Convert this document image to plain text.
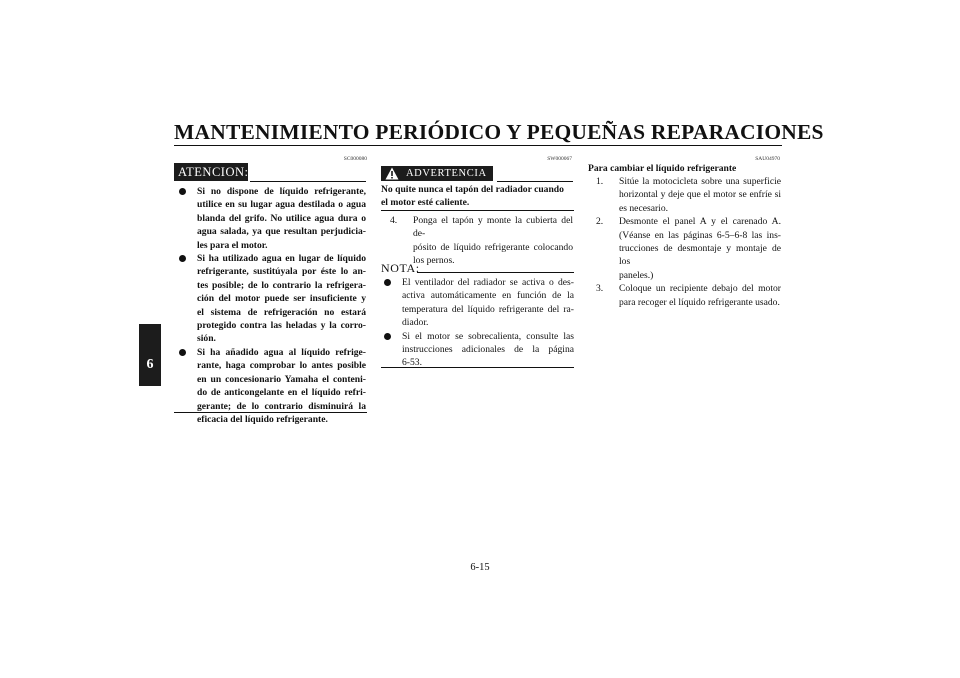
MANTENIMIENTO PERIÓDICO Y PEQUEÑAS REPARACIONES
6
SC000080
ATENCION:
Si no dispone de líquido refrigerante,
utilice en su lugar agua destilada o agua
blanda del grifo. No utilice agua dura o
agua salada, ya que resultan perjudicia-
les para el motor.
Si ha utilizado agua en lugar de líquido
refrigerante, sustitúyala por éste lo an-
tes posible; de lo contrario la refrigera-
ción del motor puede ser insuficiente y
el sistema de refrigeración no estará
protegido contra las heladas y la corro-
sión.
Si ha añadido agua al líquido refrige-
rante, haga comprobar lo antes posible
en un concesionario Yamaha el conteni-
do de anticongelante en el líquido refri-
gerante; de lo contrario disminuirá la
eficacia del líquido refrigerante.
SW000067
ADVERTENCIA
No quite nunca el tapón del radiador cuando
el motor esté caliente.
4. Ponga el tapón y monte la cubierta del de-
pósito de líquido refrigerante colocando
los pernos.
NOTA:
El ventilador del radiador se activa o des-
activa automáticamente en función de la
temperatura del líquido refrigerante del ra-
diador.
Si el motor se sobrecalienta, consulte las
instrucciones adicionales de la página
6-53.
SAU04970
Para cambiar el líquido refrigerante
1. Sitúe la motocicleta sobre una superficie
horizontal y deje que el motor se enfríe si
es necesario.
2. Desmonte el panel A y el carenado A.
(Véanse en las páginas 6-5–6-8 las ins-
trucciones de desmontaje y montaje de los
paneles.)
3. Coloque un recipiente debajo del motor
para recoger el líquido refrigerante usado.
6-15
